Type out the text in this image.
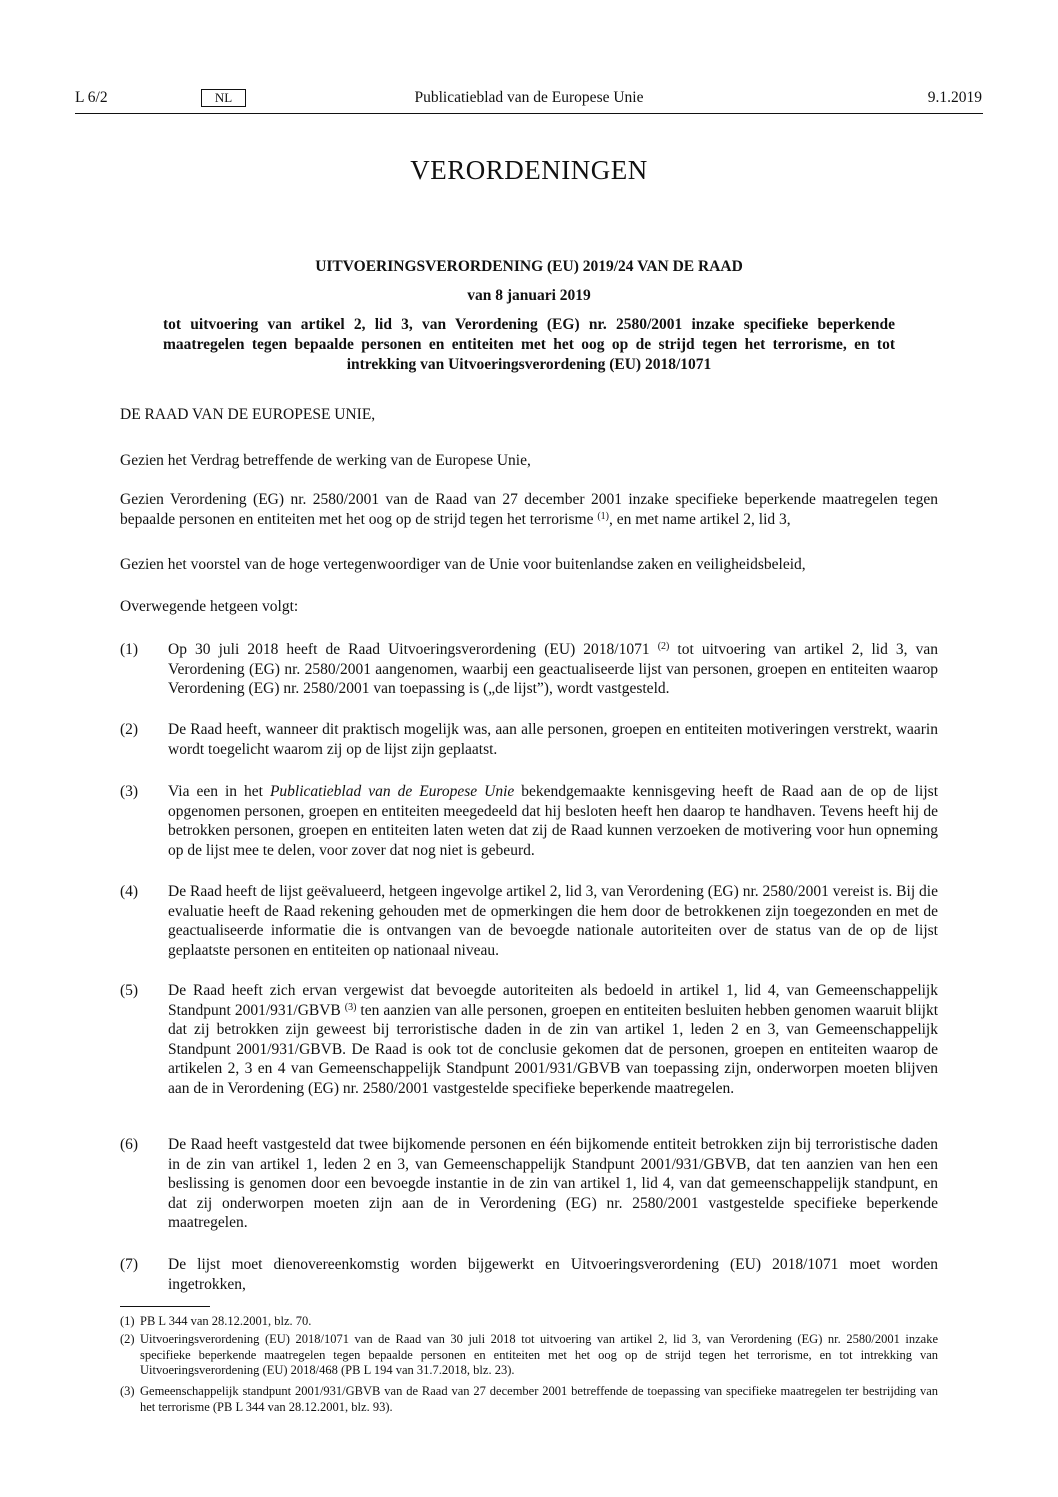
L 6/2	NL	Publicatieblad van de Europese Unie	9.1.2019
VERORDENINGEN
UITVOERINGSVERORDENING (EU) 2019/24 VAN DE RAAD
van 8 januari 2019
tot uitvoering van artikel 2, lid 3, van Verordening (EG) nr. 2580/2001 inzake specifieke beperkende maatregelen tegen bepaalde personen en entiteiten met het oog op de strijd tegen het terrorisme, en tot intrekking van Uitvoeringsverordening (EU) 2018/1071
DE RAAD VAN DE EUROPESE UNIE,
Gezien het Verdrag betreffende de werking van de Europese Unie,
Gezien Verordening (EG) nr. 2580/2001 van de Raad van 27 december 2001 inzake specifieke beperkende maatregelen tegen bepaalde personen en entiteiten met het oog op de strijd tegen het terrorisme $^{(1)}$, en met name artikel 2, lid 3,
Gezien het voorstel van de hoge vertegenwoordiger van de Unie voor buitenlandse zaken en veiligheidsbeleid,
Overwegende hetgeen volgt:
(1) Op 30 juli 2018 heeft de Raad Uitvoeringsverordening (EU) 2018/1071 $^{(2)}$ tot uitvoering van artikel 2, lid 3, van Verordening (EG) nr. 2580/2001 aangenomen, waarbij een geactualiseerde lijst van personen, groepen en entiteiten waarop Verordening (EG) nr. 2580/2001 van toepassing is („de lijst”), wordt vastgesteld.
(2) De Raad heeft, wanneer dit praktisch mogelijk was, aan alle personen, groepen en entiteiten motiveringen verstrekt, waarin wordt toegelicht waarom zij op de lijst zijn geplaatst.
(3) Via een in het Publicatieblad van de Europese Unie bekendgemaakte kennisgeving heeft de Raad aan de op de lijst opgenomen personen, groepen en entiteiten meegedeeld dat hij besloten heeft hen daarop te handhaven. Tevens heeft hij de betrokken personen, groepen en entiteiten laten weten dat zij de Raad kunnen verzoeken de motivering voor hun opneming op de lijst mee te delen, voor zover dat nog niet is gebeurd.
(4) De Raad heeft de lijst geëvalueerd, hetgeen ingevolge artikel 2, lid 3, van Verordening (EG) nr. 2580/2001 vereist is. Bij die evaluatie heeft de Raad rekening gehouden met de opmerkingen die hem door de betrokkenen zijn toegezonden en met de geactualiseerde informatie die is ontvangen van de bevoegde nationale autoriteiten over de status van de op de lijst geplaatste personen en entiteiten op nationaal niveau.
(5) De Raad heeft zich ervan vergewist dat bevoegde autoriteiten als bedoeld in artikel 1, lid 4, van Gemeenschappelijk Standpunt 2001/931/GBVB $^{(3)}$ ten aanzien van alle personen, groepen en entiteiten besluiten hebben genomen waaruit blijkt dat zij betrokken zijn geweest bij terroristische daden in de zin van artikel 1, leden 2 en 3, van Gemeenschappelijk Standpunt 2001/931/GBVB. De Raad is ook tot de conclusie gekomen dat de personen, groepen en entiteiten waarop de artikelen 2, 3 en 4 van Gemeenschappelijk Standpunt 2001/931/GBVB van toepassing zijn, onderworpen moeten blijven aan de in Verordening (EG) nr. 2580/2001 vastgestelde specifieke beperkende maatregelen.
(6) De Raad heeft vastgesteld dat twee bijkomende personen en één bijkomende entiteit betrokken zijn bij terroristische daden in de zin van artikel 1, leden 2 en 3, van Gemeenschappelijk Standpunt 2001/931/GBVB, dat ten aanzien van hen een beslissing is genomen door een bevoegde instantie in de zin van artikel 1, lid 4, van dat gemeenschappelijk standpunt, en dat zij onderworpen moeten zijn aan de in Verordening (EG) nr. 2580/2001 vastgestelde specifieke beperkende maatregelen.
(7) De lijst moet dienovereenkomstig worden bijgewerkt en Uitvoeringsverordening (EU) 2018/1071 moet worden ingetrokken,
(1) PB L 344 van 28.12.2001, blz. 70.
(2) Uitvoeringsverordening (EU) 2018/1071 van de Raad van 30 juli 2018 tot uitvoering van artikel 2, lid 3, van Verordening (EG) nr. 2580/2001 inzake specifieke beperkende maatregelen tegen bepaalde personen en entiteiten met het oog op de strijd tegen het terrorisme, en tot intrekking van Uitvoeringsverordening (EU) 2018/468 (PB L 194 van 31.7.2018, blz. 23).
(3) Gemeenschappelijk standpunt 2001/931/GBVB van de Raad van 27 december 2001 betreffende de toepassing van specifieke maatregelen ter bestrijding van het terrorisme (PB L 344 van 28.12.2001, blz. 93).
